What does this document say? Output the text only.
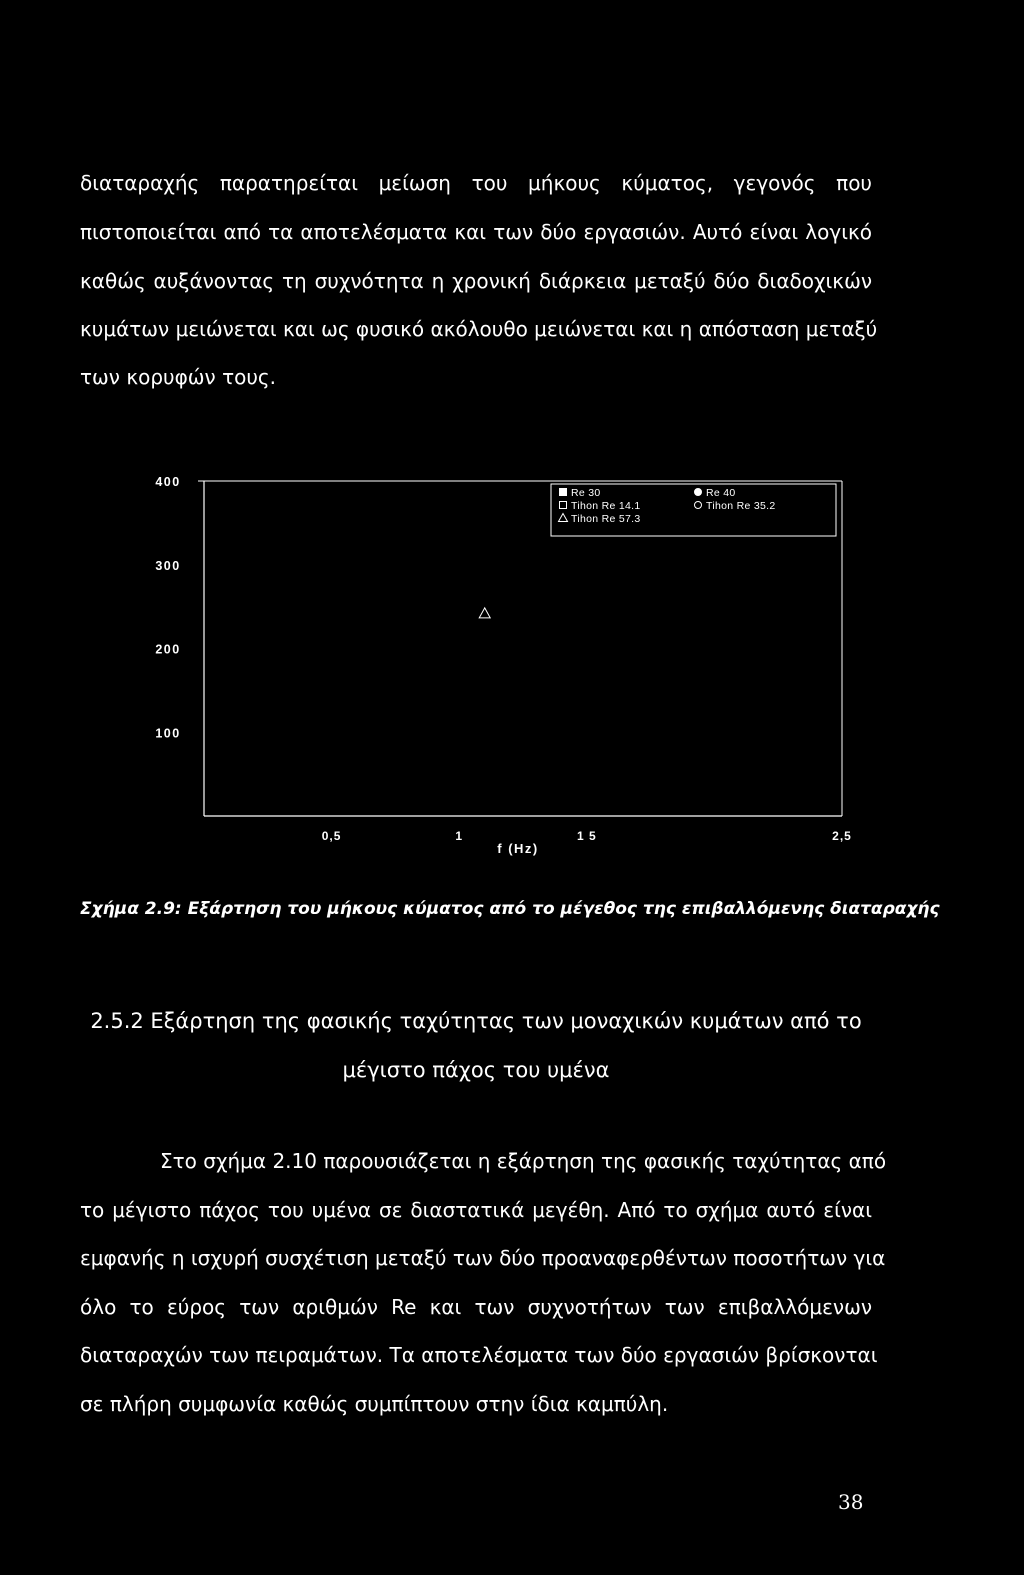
διαταραχής παρατηρείται μείωση του μήκους κύματος, γεγονός που
πιστοποιείται από τα αποτελέσματα και των δύο εργασιών. Αυτό είναι λογικό
καθώς αυξάνοντας τη συχνότητα η χρονική διάρκεια μεταξύ δύο διαδοχικών
κυμάτων μειώνεται και ως φυσικό ακόλουθο μειώνεται και η απόσταση μεταξύ
των κορυφών τους.
400
300
200
100
0,5	1	1 5	2,5
f (Hz)
Re 30	Re 40
Tihon Re 14.1	Tihon Re 35.2
Tihon Re 57.3
Σχήμα 2.9: Εξάρτηση του μήκους κύματος από το μέγεθος της επιβαλλόμενης διαταραχής
2.5.2 Εξάρτηση της φασικής ταχύτητας των μοναχικών κυμάτων από το
μέγιστο πάχος του υμένα
Στο σχήμα 2.10 παρουσιάζεται η εξάρτηση της φασικής ταχύτητας από
το μέγιστο πάχος του υμένα σε διαστατικά μεγέθη. Από το σχήμα αυτό είναι
εμφανής η ισχυρή συσχέτιση μεταξύ των δύο προαναφερθέντων ποσοτήτων για
όλο το εύρος των αριθμών Re και των συχνοτήτων των επιβαλλόμενων
διαταραχών των πειραμάτων. Τα αποτελέσματα των δύο εργασιών βρίσκονται
σε πλήρη συμφωνία καθώς συμπίπτουν στην ίδια καμπύλη.
38
